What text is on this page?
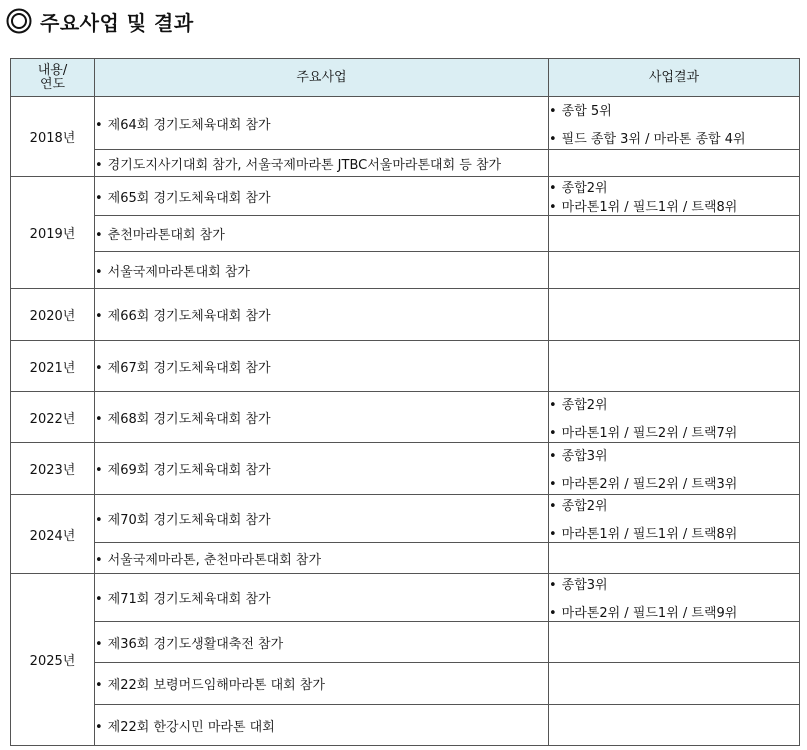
주요사업 및 결과
내용/
연도	주요사업	사업결과
2018년	• 제64회 경기도체육대회 참가	• 종합 5위
• 필드 종합 3위 / 마라톤 종합 4위

	• 경기도지사기대회 참가, 서울국제마라톤 JTBC서울마라톤대회 등 참가	
2019년	• 제65회 경기도체육대회 참가	• 종합2위
• 마라톤1위 / 필드1위 / 트랙8위

	• 춘천마라톤대회 참가	
	• 서울국제마라톤대회 참가	
2020년	• 제66회 경기도체육대회 참가	
2021년	• 제67회 경기도체육대회 참가	
2022년	• 제68회 경기도체육대회 참가	• 종합2위
• 마라톤1위 / 필드2위 / 트랙7위

2023년	• 제69회 경기도체육대회 참가	• 종합3위
• 마라톤2위 / 필드2위 / 트랙3위

2024년	• 제70회 경기도체육대회 참가	• 종합2위
• 마라톤1위 / 필드1위 / 트랙8위

	• 서울국제마라톤, 춘천마라톤대회 참가	
2025년	• 제71회 경기도체육대회 참가	• 종합3위
• 마라톤2위 / 필드1위 / 트랙9위

	• 제36회 경기도생활대축전 참가	
	• 제22회 보령머드임해마라톤 대회 참가	
	• 제22회 한강시민 마라톤 대회	
